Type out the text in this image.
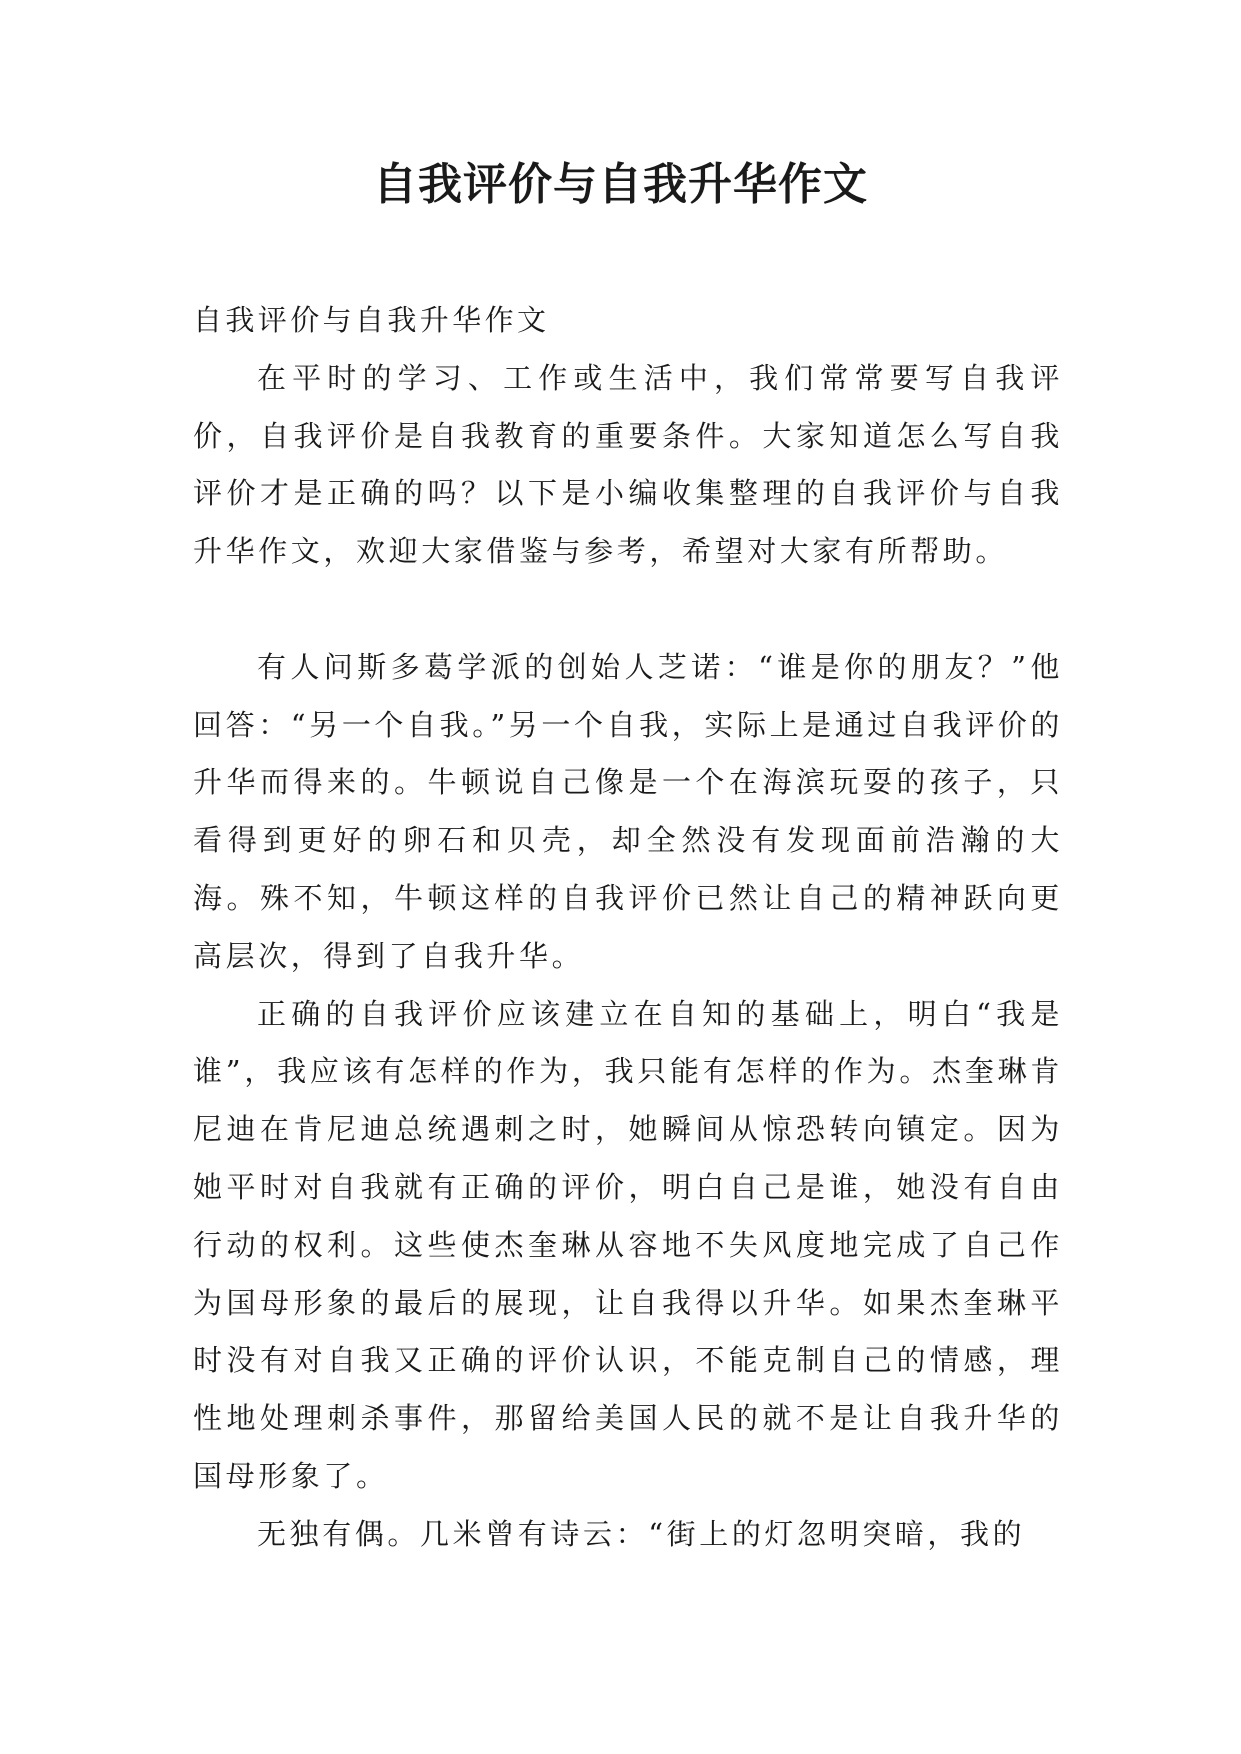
自我评价与自我升华作文

自我评价与自我升华作文

在平时的学习、工作或生活中，我们常常要写自我评价，自我评价是自我教育的重要条件。大家知道怎么写自我评价才是正确的吗？以下是小编收集整理的自我评价与自我升华作文，欢迎大家借鉴与参考，希望对大家有所帮助。

有人问斯多葛学派的创始人芝诺：“谁是你的朋友？”他回答：“另一个自我。”另一个自我，实际上是通过自我评价的升华而得来的。牛顿说自己像是一个在海滨玩耍的孩子，只看得到更好的卵石和贝壳，却全然没有发现面前浩瀚的大海。殊不知，牛顿这样的自我评价已然让自己的精神跃向更高层次，得到了自我升华。

正确的自我评价应该建立在自知的基础上，明白“我是谁”，我应该有怎样的作为，我只能有怎样的作为。杰奎琳肯尼迪在肯尼迪总统遇刺之时，她瞬间从惊恐转向镇定。因为她平时对自我就有正确的评价，明白自己是谁，她没有自由行动的权利。这些使杰奎琳从容地不失风度地完成了自己作为国母形象的最后的展现，让自我得以升华。如果杰奎琳平时没有对自我又正确的评价认识，不能克制自己的情感，理性地处理刺杀事件，那留给美国人民的就不是让自我升华的国母形象了。

无独有偶。几米曾有诗云：“街上的灯忽明突暗，我的
